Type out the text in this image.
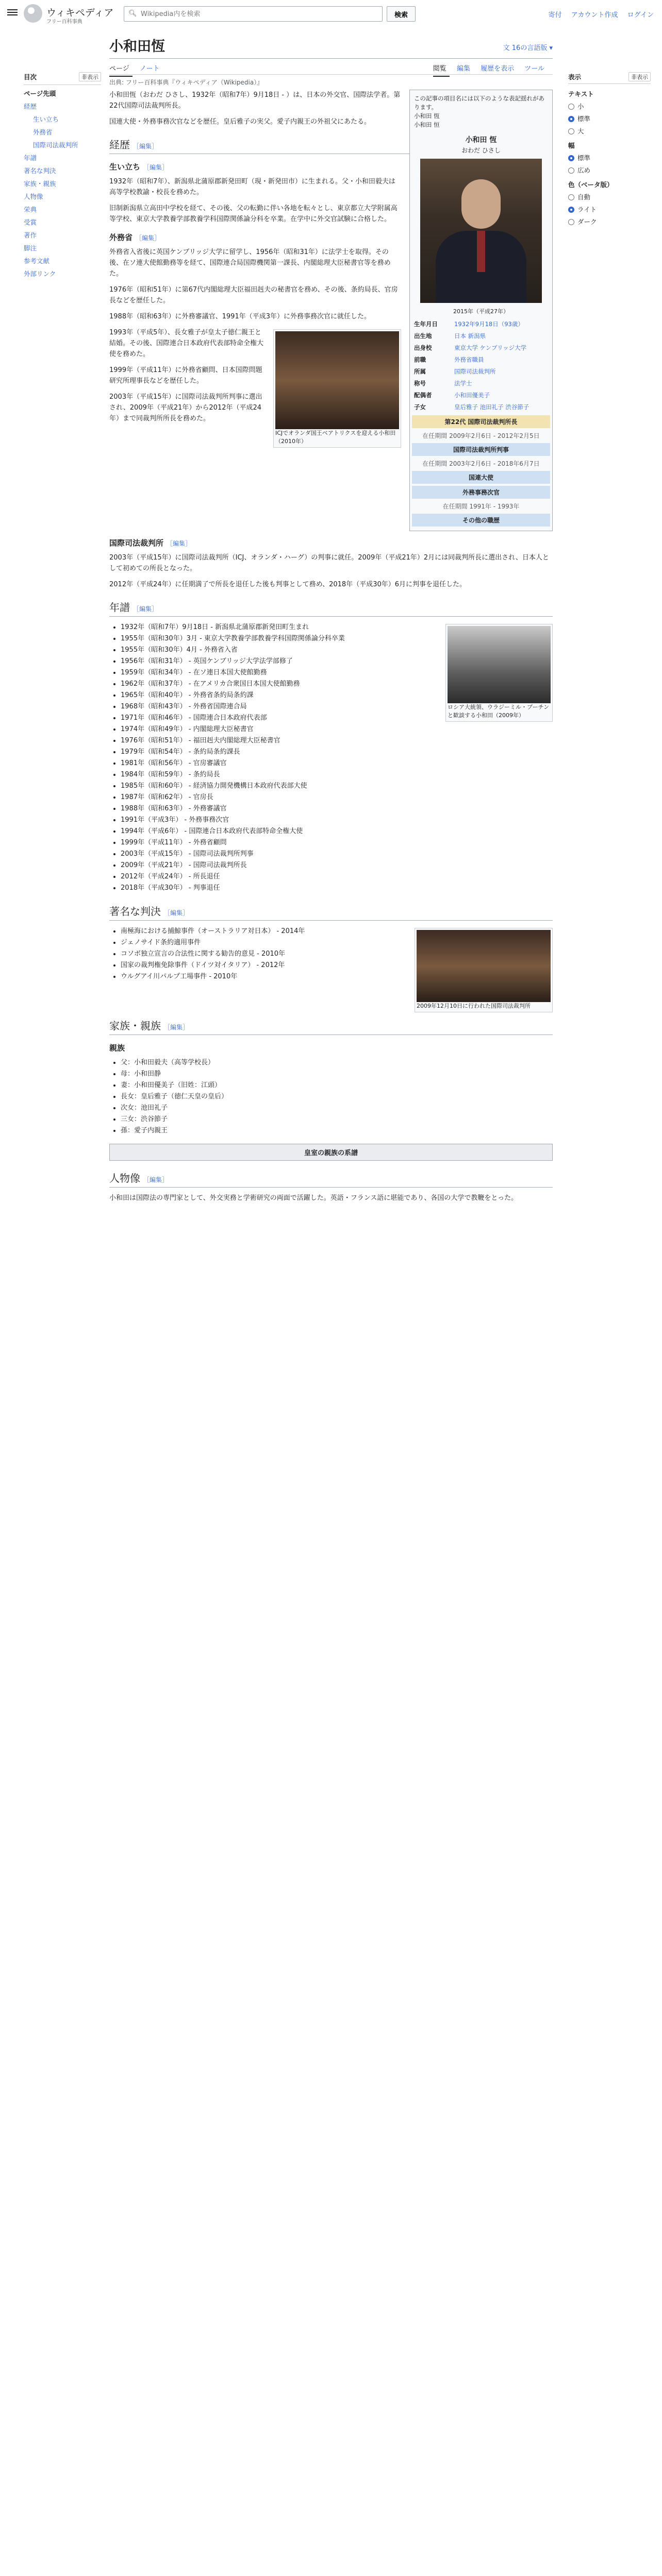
ウィキペディア
フリー百科事典
🔍︎
Wikipedia内を検索	検索	寄付 アカウント作成 ログイン
目次	非表示
ページ先頭
経歴
生い立ち
外務省
国際司法裁判所
年譜
著名な判決
家族・親族
人物像
栄典
受賞
著作
脚注
参考文献
外部リンク
小和田恆	文︎ 16の言語版 ▾
ページ ノート	閲覧 編集 履歴を表示 ツール
出典: フリー百科事典『ウィキペディア（Wikipedia）』
この記事の項目名には以下のような表記揺れがあります。
小和田 恆
小和田 恒
小和田 恆
おわだ ひさし
2015年（平成27年）
生年月日	1932年9月18日（93歳）
出生地	日本 新潟県
出身校	東京大学 ケンブリッジ大学
前職	外務省職員
所属	国際司法裁判所
称号	法学士
配偶者	小和田優美子
子女	皇后雅子 池田礼子 渋谷節子
第22代 国際司法裁判所長
在任期間 2009年2月6日 - 2012年2月5日
国際司法裁判所判事
在任期間 2003年2月6日 - 2018年6月7日
国連大使
外務事務次官
在任期間 1991年 - 1993年
その他の職歴

小和田恆（おわだ ひさし、1932年（昭和7年）9月18日 - ）は、日本の外交官、国際法学者。第22代国際司法裁判所長。

国連大使・外務事務次官などを歴任。皇后雅子の実父。愛子内親王の外祖父にあたる。

経歴 ［編集］
生い立ち ［編集］

1932年（昭和7年）、新潟県北蒲原郡新発田町（現・新発田市）に生まれる。父・小和田毅夫は高等学校教諭・校長を務めた。

旧制新潟県立高田中学校を経て、その後、父の転勤に伴い各地を転々とし、東京都立大学附属高等学校、東京大学教養学部教養学科国際関係論分科を卒業。在学中に外交官試験に合格した。

外務省 ［編集］

外務省入省後に英国ケンブリッジ大学に留学し、1956年（昭和31年）に法学士を取得。その後、在ソ連大使館勤務等を経て、国際連合局国際機関第一課長、内閣総理大臣秘書官等を務めた。

1976年（昭和51年）に第67代内閣総理大臣福田赳夫の秘書官を務め、その後、条約局長、官房長などを歴任した。

1988年（昭和63年）に外務審議官、1991年（平成3年）に外務事務次官に就任した。

ICJでオランダ国王ベアトリクスを迎える小和田（2010年）

1993年（平成5年）、長女雅子が皇太子徳仁親王と結婚。その後、国際連合日本政府代表部特命全権大使を務めた。

1999年（平成11年）に外務省顧問、日本国際問題研究所理事長などを歴任した。

2003年（平成15年）に国際司法裁判所判事に選出され、2009年（平成21年）から2012年（平成24年）まで同裁判所所長を務めた。

国際司法裁判所 ［編集］

2003年（平成15年）に国際司法裁判所（ICJ、オランダ・ハーグ）の判事に就任。2009年（平成21年）2月には同裁判所長に選出され、日本人として初めての所長となった。

2012年（平成24年）に任期満了で所長を退任した後も判事として務め、2018年（平成30年）6月に判事を退任した。

年譜 ［編集］
ロシア大統領、ウラジーミル・プーチンと歓談する小和田（2009年）
• 1932年（昭和7年）9月18日 - 新潟県北蒲原郡新発田町生まれ
• 1955年（昭和30年）3月 - 東京大学教養学部教養学科国際関係論分科卒業
• 1955年（昭和30年）4月 - 外務省入省
• 1956年（昭和31年） - 英国ケンブリッジ大学法学部修了
• 1959年（昭和34年） - 在ソ連日本国大使館勤務
• 1962年（昭和37年） - 在アメリカ合衆国日本国大使館勤務
• 1965年（昭和40年） - 外務省条約局条約課
• 1968年（昭和43年） - 外務省国際連合局
• 1971年（昭和46年） - 国際連合日本政府代表部
• 1974年（昭和49年） - 内閣総理大臣秘書官
• 1976年（昭和51年） - 福田赳夫内閣総理大臣秘書官
• 1979年（昭和54年） - 条約局条約課長
• 1981年（昭和56年） - 官房審議官
• 1984年（昭和59年） - 条約局長
• 1985年（昭和60年） - 経済協力開発機構日本政府代表部大使
• 1987年（昭和62年） - 官房長
• 1988年（昭和63年） - 外務審議官
• 1991年（平成3年） - 外務事務次官
• 1994年（平成6年） - 国際連合日本政府代表部特命全権大使
• 1999年（平成11年） - 外務省顧問
• 2003年（平成15年） - 国際司法裁判所判事
• 2009年（平成21年） - 国際司法裁判所長
• 2012年（平成24年） - 所長退任
• 2018年（平成30年） - 判事退任
著名な判決 ［編集］
2009年12月10日に行われた国際司法裁判所
• 南極海における捕鯨事件（オーストラリア対日本） - 2014年
• ジェノサイド条約適用事件
• コソボ独立宣言の合法性に関する勧告的意見 - 2010年
• 国家の裁判権免除事件（ドイツ対イタリア） - 2012年
• ウルグアイ川パルプ工場事件 - 2010年
家族・親族 ［編集］
親族
• 父：小和田毅夫（高等学校長）
• 母：小和田静
• 妻：小和田優美子（旧姓：江頭）
• 長女：皇后雅子（徳仁天皇の皇后）
• 次女：池田礼子
• 三女：渋谷節子
• 孫：愛子内親王
皇室の親族の系譜
人物像 ［編集］

小和田は国際法の専門家として、外交実務と学術研究の両面で活躍した。英語・フランス語に堪能であり、各国の大学で教鞭をとった。

表示	非表示
テキスト
小
標準
大
幅
標準
広め
色（ベータ版）
自動
ライト
ダーク
